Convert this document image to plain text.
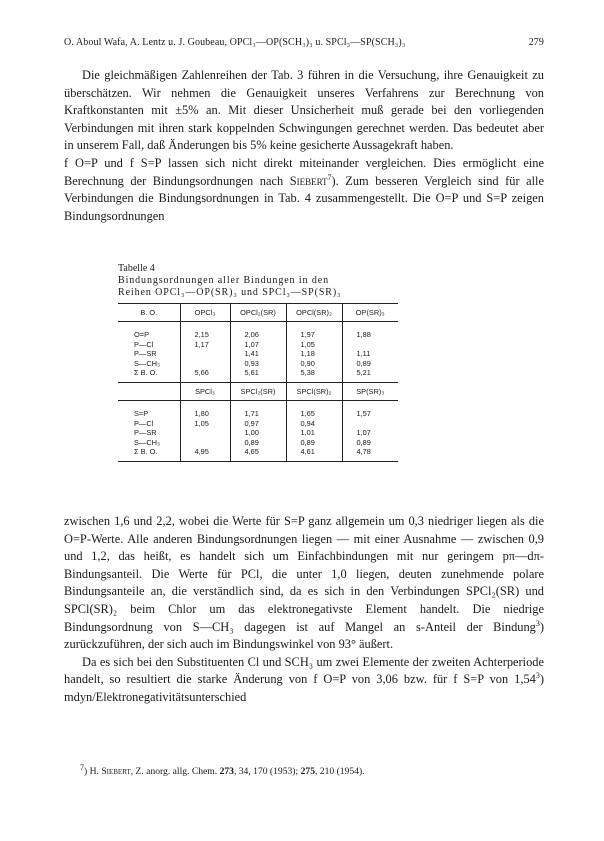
O. Aboul Wafa, A. Lentz u. J. Goubeau, OPCl₃—OP(SCH₃)₃ u. SPCl₃—SP(SCH₃)₃	279

Die gleichmäßigen Zahlenreihen der Tab. 3 führen in die Versuchung, ihre Genauigkeit zu überschätzen. Wir nehmen die Genauigkeit unseres Verfahrens zur Berechnung von Kraftkonstanten mit ±5% an. Mit dieser Unsicherheit muß gerade bei den vorliegenden Verbindungen mit ihren stark koppelnden Schwingungen gerechnet werden. Das bedeutet aber in unserem Fall, daß Änderungen bis 5% keine gesicherte Aussagekraft haben.

f O=P und f S=P lassen sich nicht direkt miteinander vergleichen. Dies ermöglicht eine Berechnung der Bindungsordnungen nach Siebert$^7$). Zum besseren Vergleich sind für alle Verbindungen die Bindungsordnungen in Tab. 4 zusammengestellt. Die O=P und S=P zeigen Bindungsordnungen

Tabelle 4
Bindungsordnungen aller Bindungen in den
Reihen OPCl₃—OP(SR)₃ und SPCl₃—SP(SR)₃
B. O.	OPCl₃	OPCl₂(SR)	OPCl(SR)₂	OP(SR)₃

O=P	2,15	2,06	1,97	1,88
P—Cl	1,17	1,07	1,05	
P—SR		1,41	1,18	1,11
S—CH₃		0,93	0,90	0,89
Σ B. O.	5,66	5,61	5,38	5,21

	SPCl₃	SPCl₂(SR)	SPCl(SR)₂	SP(SR)₃

S=P	1,80	1,71	1,65	1,57
P—Cl	1,05	0,97	0,94	
P—SR		1,00	1,01	1,07
S—CH₃		0,89	0,89	0,89
Σ B. O.	4,95	4,65	4,61	4,78

zwischen 1,6 und 2,2, wobei die Werte für S=P ganz allgemein um 0,3 niedriger liegen als die O=P-Werte. Alle anderen Bindungsordnungen liegen — mit einer Ausnahme — zwischen 0,9 und 1,2, das heißt, es handelt sich um Einfachbindungen mit nur geringem pπ—dπ-Bindungsanteil. Die Werte für PCl, die unter 1,0 liegen, deuten zunehmende polare Bindungsanteile an, die verständlich sind, da es sich in den Verbindungen SPCl₂(SR) und SPCl(SR)₂ beim Chlor um das elektronegativste Element handelt. Die niedrige Bindungsordnung von S—CH₃ dagegen ist auf Mangel an s-Anteil der Bindung$^3$) zurückzuführen, der sich auch im Bindungswinkel von 93° äußert.

Da es sich bei den Substituenten Cl und SCH₃ um zwei Elemente der zweiten Achterperiode handelt, so resultiert die starke Änderung von f O=P von 3,06 bzw. für f S=P von 1,54$^3$) mdyn/Elektronegativitätsunterschied

$^7$) H. Siebert, Z. anorg. allg. Chem. 273, 34, 170 (1953); 275, 210 (1954).
